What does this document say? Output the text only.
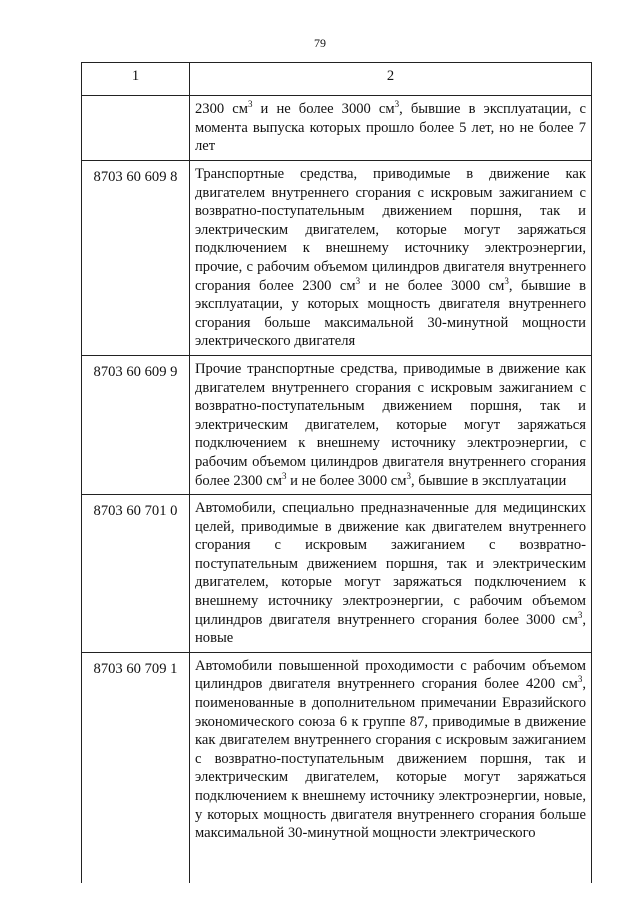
79
1	2
	2300 $см^3$ и не более 3000 $см^3$, бывшие в эксплуатации, с момента выпуска которых прошло более 5 лет, но не более 7 лет
8703 60 609 8	Транспортные средства, приводимые в движение как двигателем внутреннего сгорания с искровым зажиганием с возвратно-поступательным движением поршня, так и электрическим двигателем, которые могут заряжаться подключением к внешнему источнику электроэнергии, прочие, с рабочим объемом цилиндров двигателя внутреннего сгорания более 2300 $см^3$ и не более 3000 $см^3$, бывшие в эксплуатации, у которых мощность двигателя внутреннего сгорания больше максимальной 30-минутной мощности электрического двигателя
8703 60 609 9	Прочие транспортные средства, приводимые в движение как двигателем внутреннего сгорания с искровым зажиганием с возвратно-поступательным движением поршня, так и электрическим двигателем, которые могут заряжаться подключением к внешнему источнику электроэнергии, с рабочим объемом цилиндров двигателя внутреннего сгорания более 2300 $см^3$ и не более 3000 $см^3$, бывшие в эксплуатации
8703 60 701 0	Автомобили, специально предназначенные для медицинских целей, приводимые в движение как двигателем внутреннего сгорания с искровым зажиганием с возвратно-поступательным движением поршня, так и электрическим двигателем, которые могут заряжаться подключением к внешнему источнику электроэнергии, с рабочим объемом цилиндров двигателя внутреннего сгорания более 3000 $см^3$, новые
8703 60 709 1	Автомобили повышенной проходимости с рабочим объемом цилиндров двигателя внутреннего сгорания более 4200 $см^3$, поименованные в дополнительном примечании Евразийского экономического союза 6 к группе 87, приводимые в движение как двигателем внутреннего сгорания с искровым зажиганием с возвратно-поступательным движением поршня, так и электрическим двигателем, которые могут заряжаться подключением к внешнему источнику электроэнергии, новые, у которых мощность двигателя внутреннего сгорания больше максимальной 30-минутной мощности электрического
